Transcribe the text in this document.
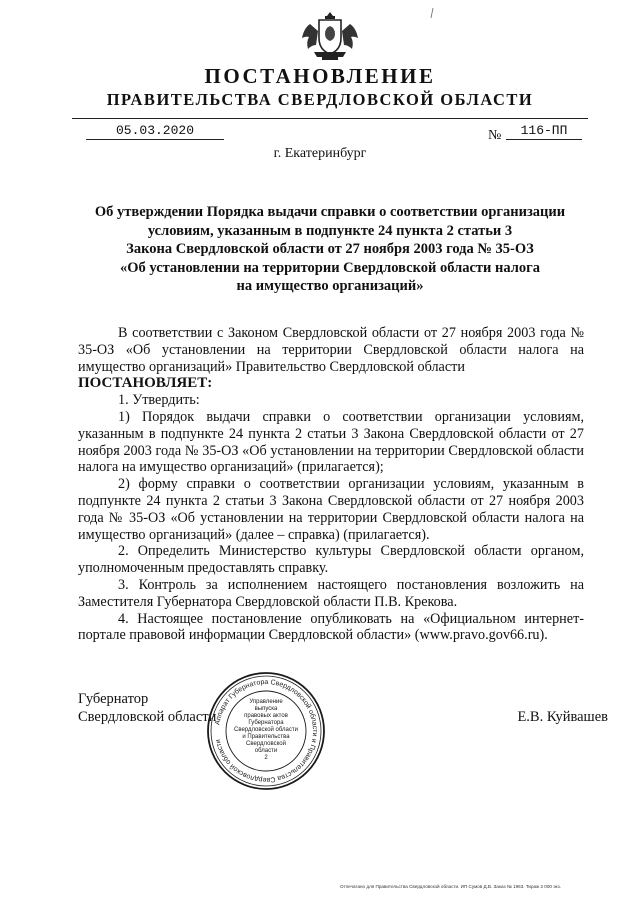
ПОСТАНОВЛЕНИЕ
ПРАВИТЕЛЬСТВА СВЕРДЛОВСКОЙ ОБЛАСТИ
05.03.2020	№	116-ПП
г. Екатеринбург
Об утверждении Порядка выдачи справки о соответствии организации
условиям, указанным в подпункте 24 пункта 2 статьи 3
Закона Свердловской области от 27 ноября 2003 года № 35-ОЗ
«Об установлении на территории Свердловской области налога
на имущество организаций»

В соответствии с Законом Свердловской области от 27 ноября 2003 года № 35-ОЗ «Об установлении на территории Свердловской области налога на имущество организаций» Правительство Свердловской области

ПОСТАНОВЛЯЕТ:

1. Утвердить:

1) Порядок выдачи справки о соответствии организации условиям, указанным в подпункте 24 пункта 2 статьи 3 Закона Свердловской области от 27 ноября 2003 года № 35-ОЗ «Об установлении на территории Свердловской области налога на имущество организаций» (прилагается);

2) форму справки о соответствии организации условиям, указанным в подпункте 24 пункта 2 статьи 3 Закона Свердловской области от 27 ноября 2003 года № 35-ОЗ «Об установлении на территории Свердловской области налога на имущество организаций» (далее – справка) (прилагается).

2. Определить Министерство культуры Свердловской области органом, уполномоченным предоставлять справку.

3. Контроль за исполнением настоящего постановления возложить на Заместителя Губернатора Свердловской области П.В. Крекова.

4. Настоящее постановление опубликовать на «Официальном интернет-портале правовой информации Свердловской области» (www.pravo.gov66.ru).

Губернатор
Свердловской области	Е.В. Куйвашев
Аппарат Губернатора Свердловской области и Правительства Свердловской области
Управление
выпуска
правовых актов
Губернатора
Свердловской области
и Правительства
Свердловской
области
2
Отпечатано для Правительства Свердловской области. ИП Сумов Д.В. Заказ № 1963. Тираж 2 000 экз.
